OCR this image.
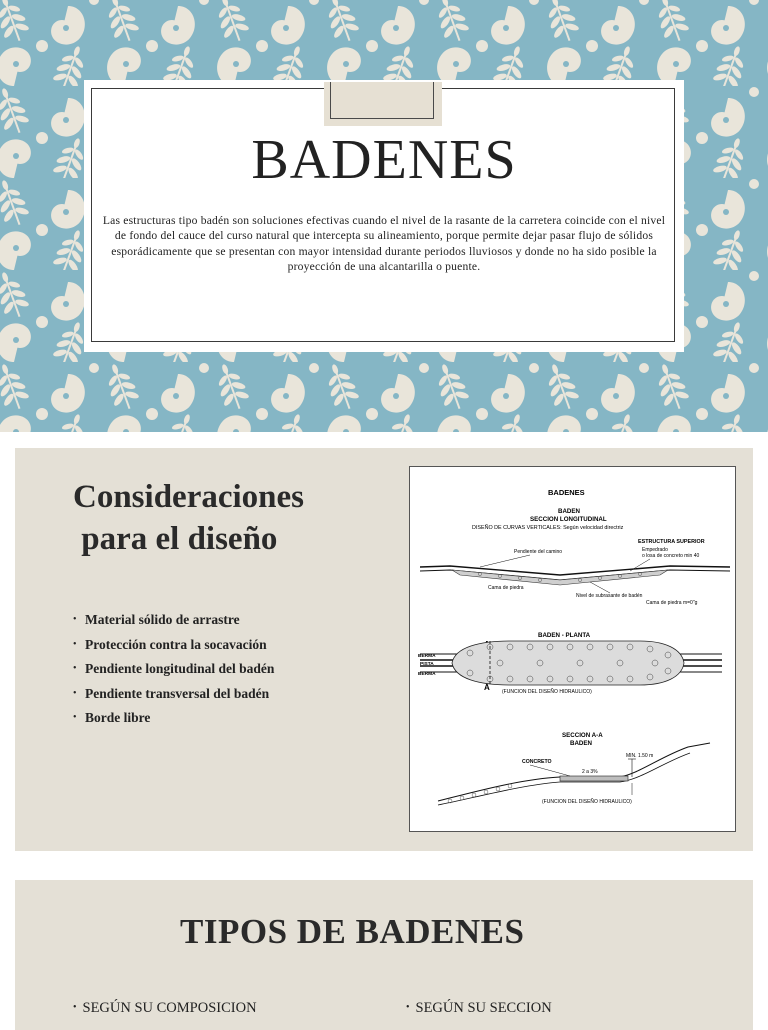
BADENES
Las estructuras tipo badén son soluciones efectivas cuando el nivel de la rasante de la carretera coincide con el nivel de fondo del cauce del curso natural que intercepta su alineamiento, porque permite dejar pasar flujo de sólidos esporádicamente que se presentan con mayor intensidad durante periodos lluviosos y donde no ha sido posible la proyección de una alcantarilla o puente.
Consideraciones
para el diseño
• Material sólido de arrastre
• Protección contra la socavación
• Pendiente longitudinal del badén
• Pendiente transversal del badén
• Borde libre
BADENES
BADEN
SECCION LONGITUDINAL
DISEÑO DE CURVAS VERTICALES: Según velocidad directriz
ESTRUCTURA SUPERIOR
Empedrado
o losa de concreto min 40
Pendiente del camino
Cama de piedra
Nivel de subrasante de badén
Cama de piedra m=0"g
BADEN - PLANTA
BERMA
PISTA
BERMA
A (FUNCION DEL DISEÑO HIDRAULICO)
SECCION A-A
BADEN
MIN. 1.50 m
CONCRETO
2 a 3%
(FUNCION DEL DISEÑO HIDRAULICO)
TIPOS DE BADENES
• SEGÚN SU COMPOSICION	• SEGÚN SU SECCION
